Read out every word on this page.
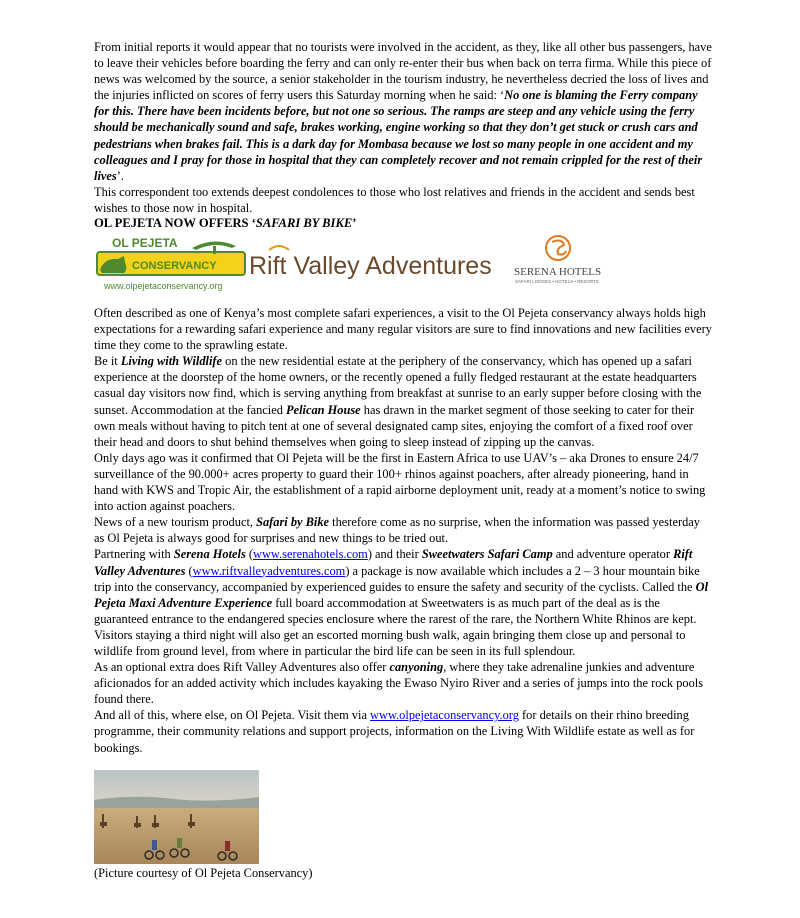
From initial reports it would appear that no tourists were involved in the accident, as they, like all other bus passengers, have to leave their vehicles before boarding the ferry and can only re-enter their bus when back on terra firma. While this piece of news was welcomed by the source, a senior stakeholder in the tourism industry, he nevertheless decried the loss of lives and the injuries inflicted on scores of ferry users this Saturday morning when he said: ‘No one is blaming the Ferry company for this. There have been incidents before, but not one so serious. The ramps are steep and any vehicle using the ferry should be mechanically sound and safe, brakes working, engine working so that they don’t get stuck or crush cars and pedestrians when brakes fail. This is a dark day for Mombasa because we lost so many people in one accident and my colleagues and I pray for those in hospital that they can completely recover and not remain crippled for the rest of their lives’.

This correspondent too extends deepest condolences to those who lost relatives and friends in the accident and sends best wishes to those now in hospital.

OL PEJETA NOW OFFERS ‘SAFARI BY BIKE’
OL PEJETA
CONSERVANCY
www.olpejetaconservancy.org
Rift Valley Adventures SERENA HOTELS
SAFARI LODGES • HOTELS • RESORTS

Often described as one of Kenya’s most complete safari experiences, a visit to the Ol Pejeta conservancy always holds high expectations for a rewarding safari experience and many regular visitors are sure to find innovations and new facilities every time they come to the sprawling estate.

Be it Living with Wildlife on the new residential estate at the periphery of the conservancy, which has opened up a safari experience at the doorstep of the home owners, or the recently opened a fully fledged restaurant at the estate headquarters casual day visitors now find, which is serving anything from breakfast at sunrise to an early supper before closing with the sunset. Accommodation at the fancied Pelican House has drawn in the market segment of those seeking to cater for their own meals without having to pitch tent at one of several designated camp sites, enjoying the comfort of a fixed roof over their head and doors to shut behind themselves when going to sleep instead of zipping up the canvas.

Only days ago was it confirmed that Ol Pejeta will be the first in Eastern Africa to use UAV’s – aka Drones to ensure 24/7 surveillance of the 90.000+ acres property to guard their 100+ rhinos against poachers, after already pioneering, hand in hand with KWS and Tropic Air, the establishment of a rapid airborne deployment unit, ready at a moment’s notice to swing into action against poachers.

News of a new tourism product, Safari by Bike therefore come as no surprise, when the information was passed yesterday as Ol Pejeta is always good for surprises and new things to be tried out.

Partnering with Serena Hotels (www.serenahotels.com) and their Sweetwaters Safari Camp and adventure operator Rift Valley Adventures (www.riftvalleyadventures.com) a package is now available which includes a 2 – 3 hour mountain bike trip into the conservancy, accompanied by experienced guides to ensure the safety and security of the cyclists. Called the Ol Pejeta Maxi Adventure Experience full board accommodation at Sweetwaters is as much part of the deal as is the guaranteed entrance to the endangered species enclosure where the rarest of the rare, the Northern White Rhinos are kept. Visitors staying a third night will also get an escorted morning bush walk, again bringing them close up and personal to wildlife from ground level, from where in particular the bird life can be seen in its full splendour.

As an optional extra does Rift Valley Adventures also offer canyoning, where they take adrenaline junkies and adventure aficionados for an added activity which includes kayaking the Ewaso Nyiro River and a series of jumps into the rock pools found there.

And all of this, where else, on Ol Pejeta. Visit them via www.olpejetaconservancy.org for details on their rhino breeding programme, their community relations and support projects, information on the Living With Wildlife estate as well as for bookings.

(Picture courtesy of Ol Pejeta Conservancy)
